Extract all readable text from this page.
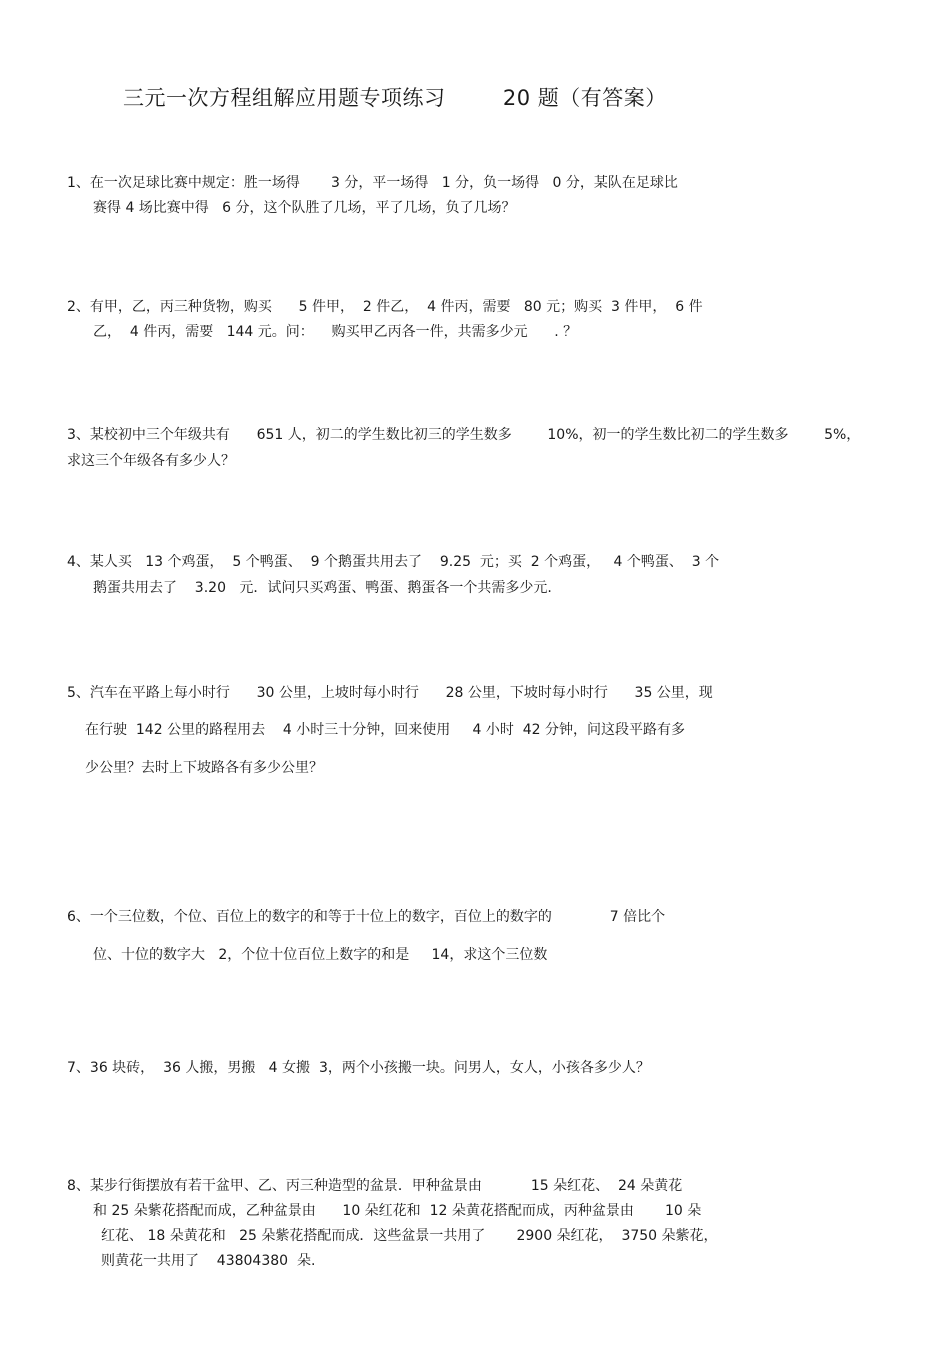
三元一次方程组解应用题专项练习        20 题（有答案）
1、在一次足球比赛中规定：胜一场得       3 分，平一场得   1 分，负一场得   0 分，某队在足球比
赛得 4 场比赛中得   6 分，这个队胜了几场，平了几场，负了几场？
2、有甲，乙，丙三种货物，购买      5 件甲，  2 件乙，  4 件丙，需要   80 元；购买  3 件甲，  6 件
乙，  4 件丙，需要   144 元。问：    购买甲乙丙各一件，共需多少元      . ？
3、某校初中三个年级共有      651 人，初二的学生数比初三的学生数多        10%，初一的学生数比初二的学生数多        5%，
求这三个年级各有多少人？
4、某人买   13 个鸡蛋，  5 个鸭蛋、  9 个鹅蛋共用去了    9.25  元；买  2 个鸡蛋，   4 个鸭蛋、  3 个
鹅蛋共用去了    3.20   元．试问只买鸡蛋、鸭蛋、鹅蛋各一个共需多少元.
5、汽车在平路上每小时行      30 公里，上坡时每小时行      28 公里，下坡时每小时行      35 公里，现
在行驶  142 公里的路程用去    4 小时三十分钟，回来使用     4 小时  42 分钟，问这段平路有多
少公里？去时上下坡路各有多少公里？
6、一个三位数，个位、百位上的数字的和等于十位上的数字，百位上的数字的             7 倍比个
位、十位的数字大   2，个位十位百位上数字的和是     14，求这个三位数
7、36 块砖，  36 人搬，男搬   4 女搬  3，两个小孩搬一块。问男人，女人，小孩各多少人？
8、某步行街摆放有若干盆甲、乙、丙三种造型的盆景．甲种盆景由           15 朵红花、  24 朵黄花
和 25 朵紫花搭配而成，乙种盆景由      10 朵红花和  12 朵黄花搭配而成，丙种盆景由       10 朵
红花、 18 朵黄花和   25 朵紫花搭配而成．这些盆景一共用了       2900 朵红花，  3750 朵紫花，
则黄花一共用了    43804380  朵.
